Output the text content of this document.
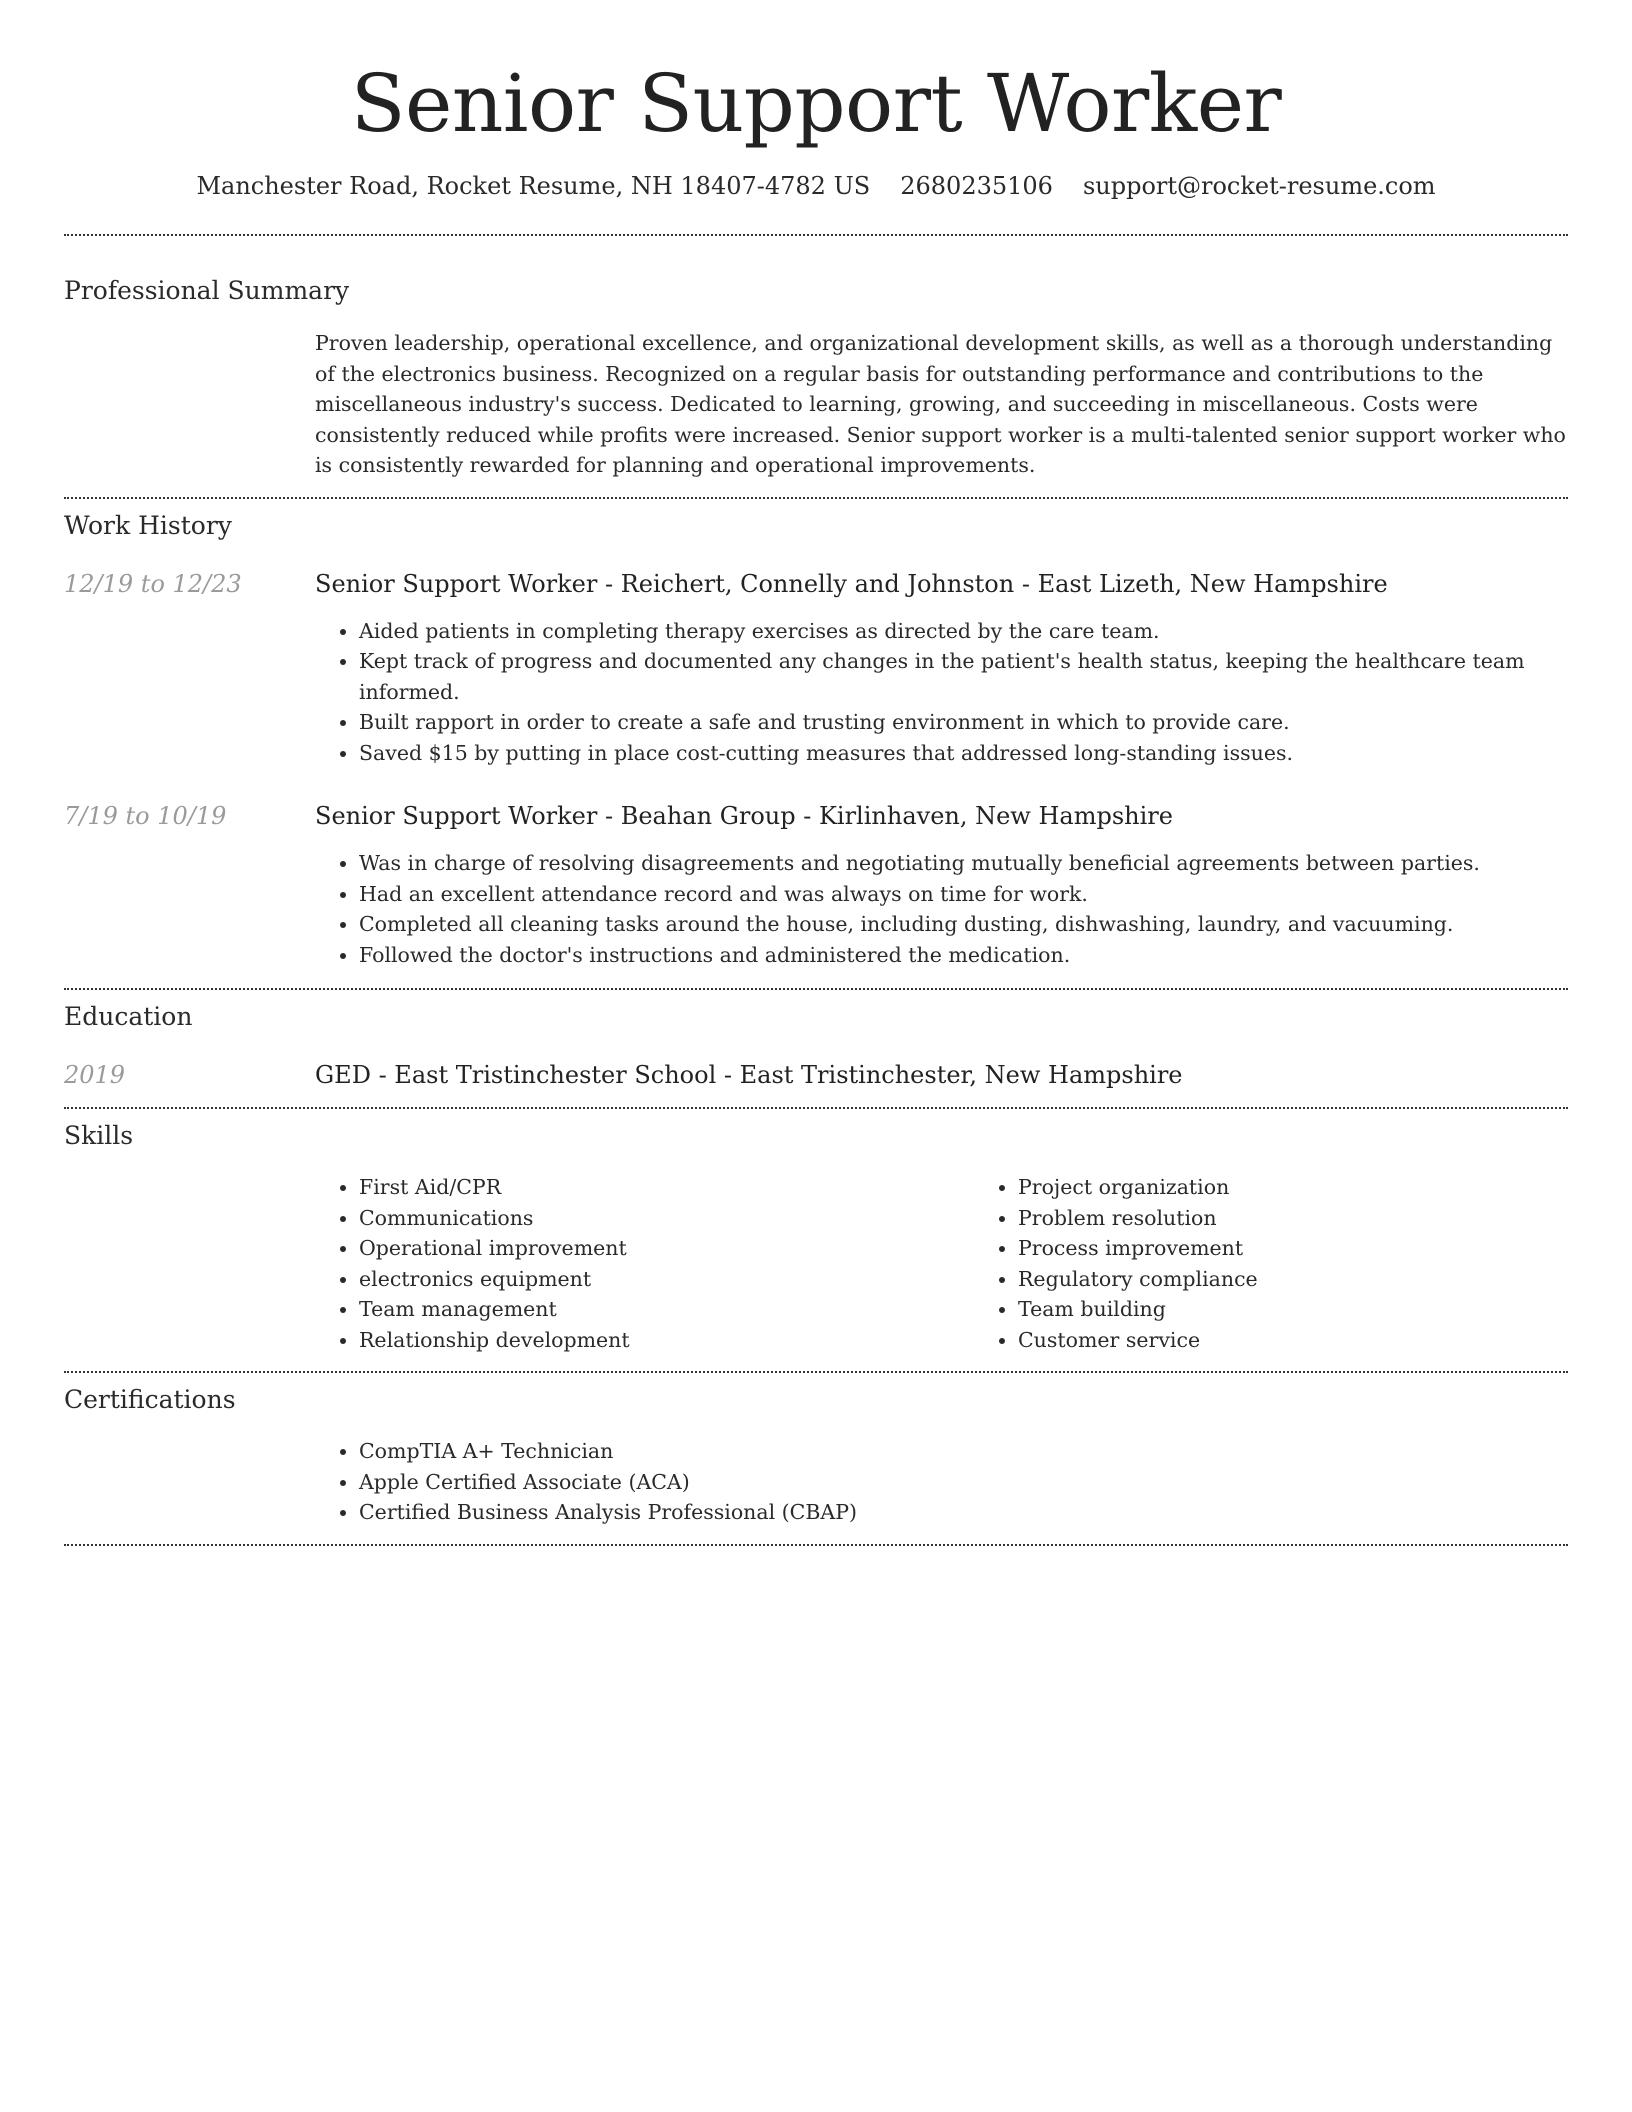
Senior Support Worker
Manchester Road, Rocket Resume, NH 18407-4782 US 2680235106 support@rocket-resume.com
Professional Summary
Proven leadership, operational excellence, and organizational development skills, as well as a thorough understanding of the electronics business. Recognized on a regular basis for outstanding performance and contributions to the miscellaneous industry's success. Dedicated to learning, growing, and succeeding in miscellaneous. Costs were consistently reduced while profits were increased. Senior support worker is a multi-talented senior support worker who is consistently rewarded for planning and operational improvements.
Work History
12/19 to 12/23	Senior Support Worker - Reichert, Connelly and Johnston - East Lizeth, New Hampshire
• Aided patients in completing therapy exercises as directed by the care team.
• Kept track of progress and documented any changes in the patient's health status, keeping the healthcare team informed.
• Built rapport in order to create a safe and trusting environment in which to provide care.
• Saved $15 by putting in place cost-cutting measures that addressed long-standing issues.
7/19 to 10/19	Senior Support Worker - Beahan Group - Kirlinhaven, New Hampshire
• Was in charge of resolving disagreements and negotiating mutually beneficial agreements between parties.
• Had an excellent attendance record and was always on time for work.
• Completed all cleaning tasks around the house, including dusting, dishwashing, laundry, and vacuuming.
• Followed the doctor's instructions and administered the medication.
Education
2019	GED - East Tristinchester School - East Tristinchester, New Hampshire
Skills
• First Aid/CPR
• Communications
• Operational improvement
• electronics equipment
• Team management
• Relationship development
• Project organization
• Problem resolution
• Process improvement
• Regulatory compliance
• Team building
• Customer service
Certifications
• CompTIA A+ Technician
• Apple Certified Associate (ACA)
• Certified Business Analysis Professional (CBAP)
